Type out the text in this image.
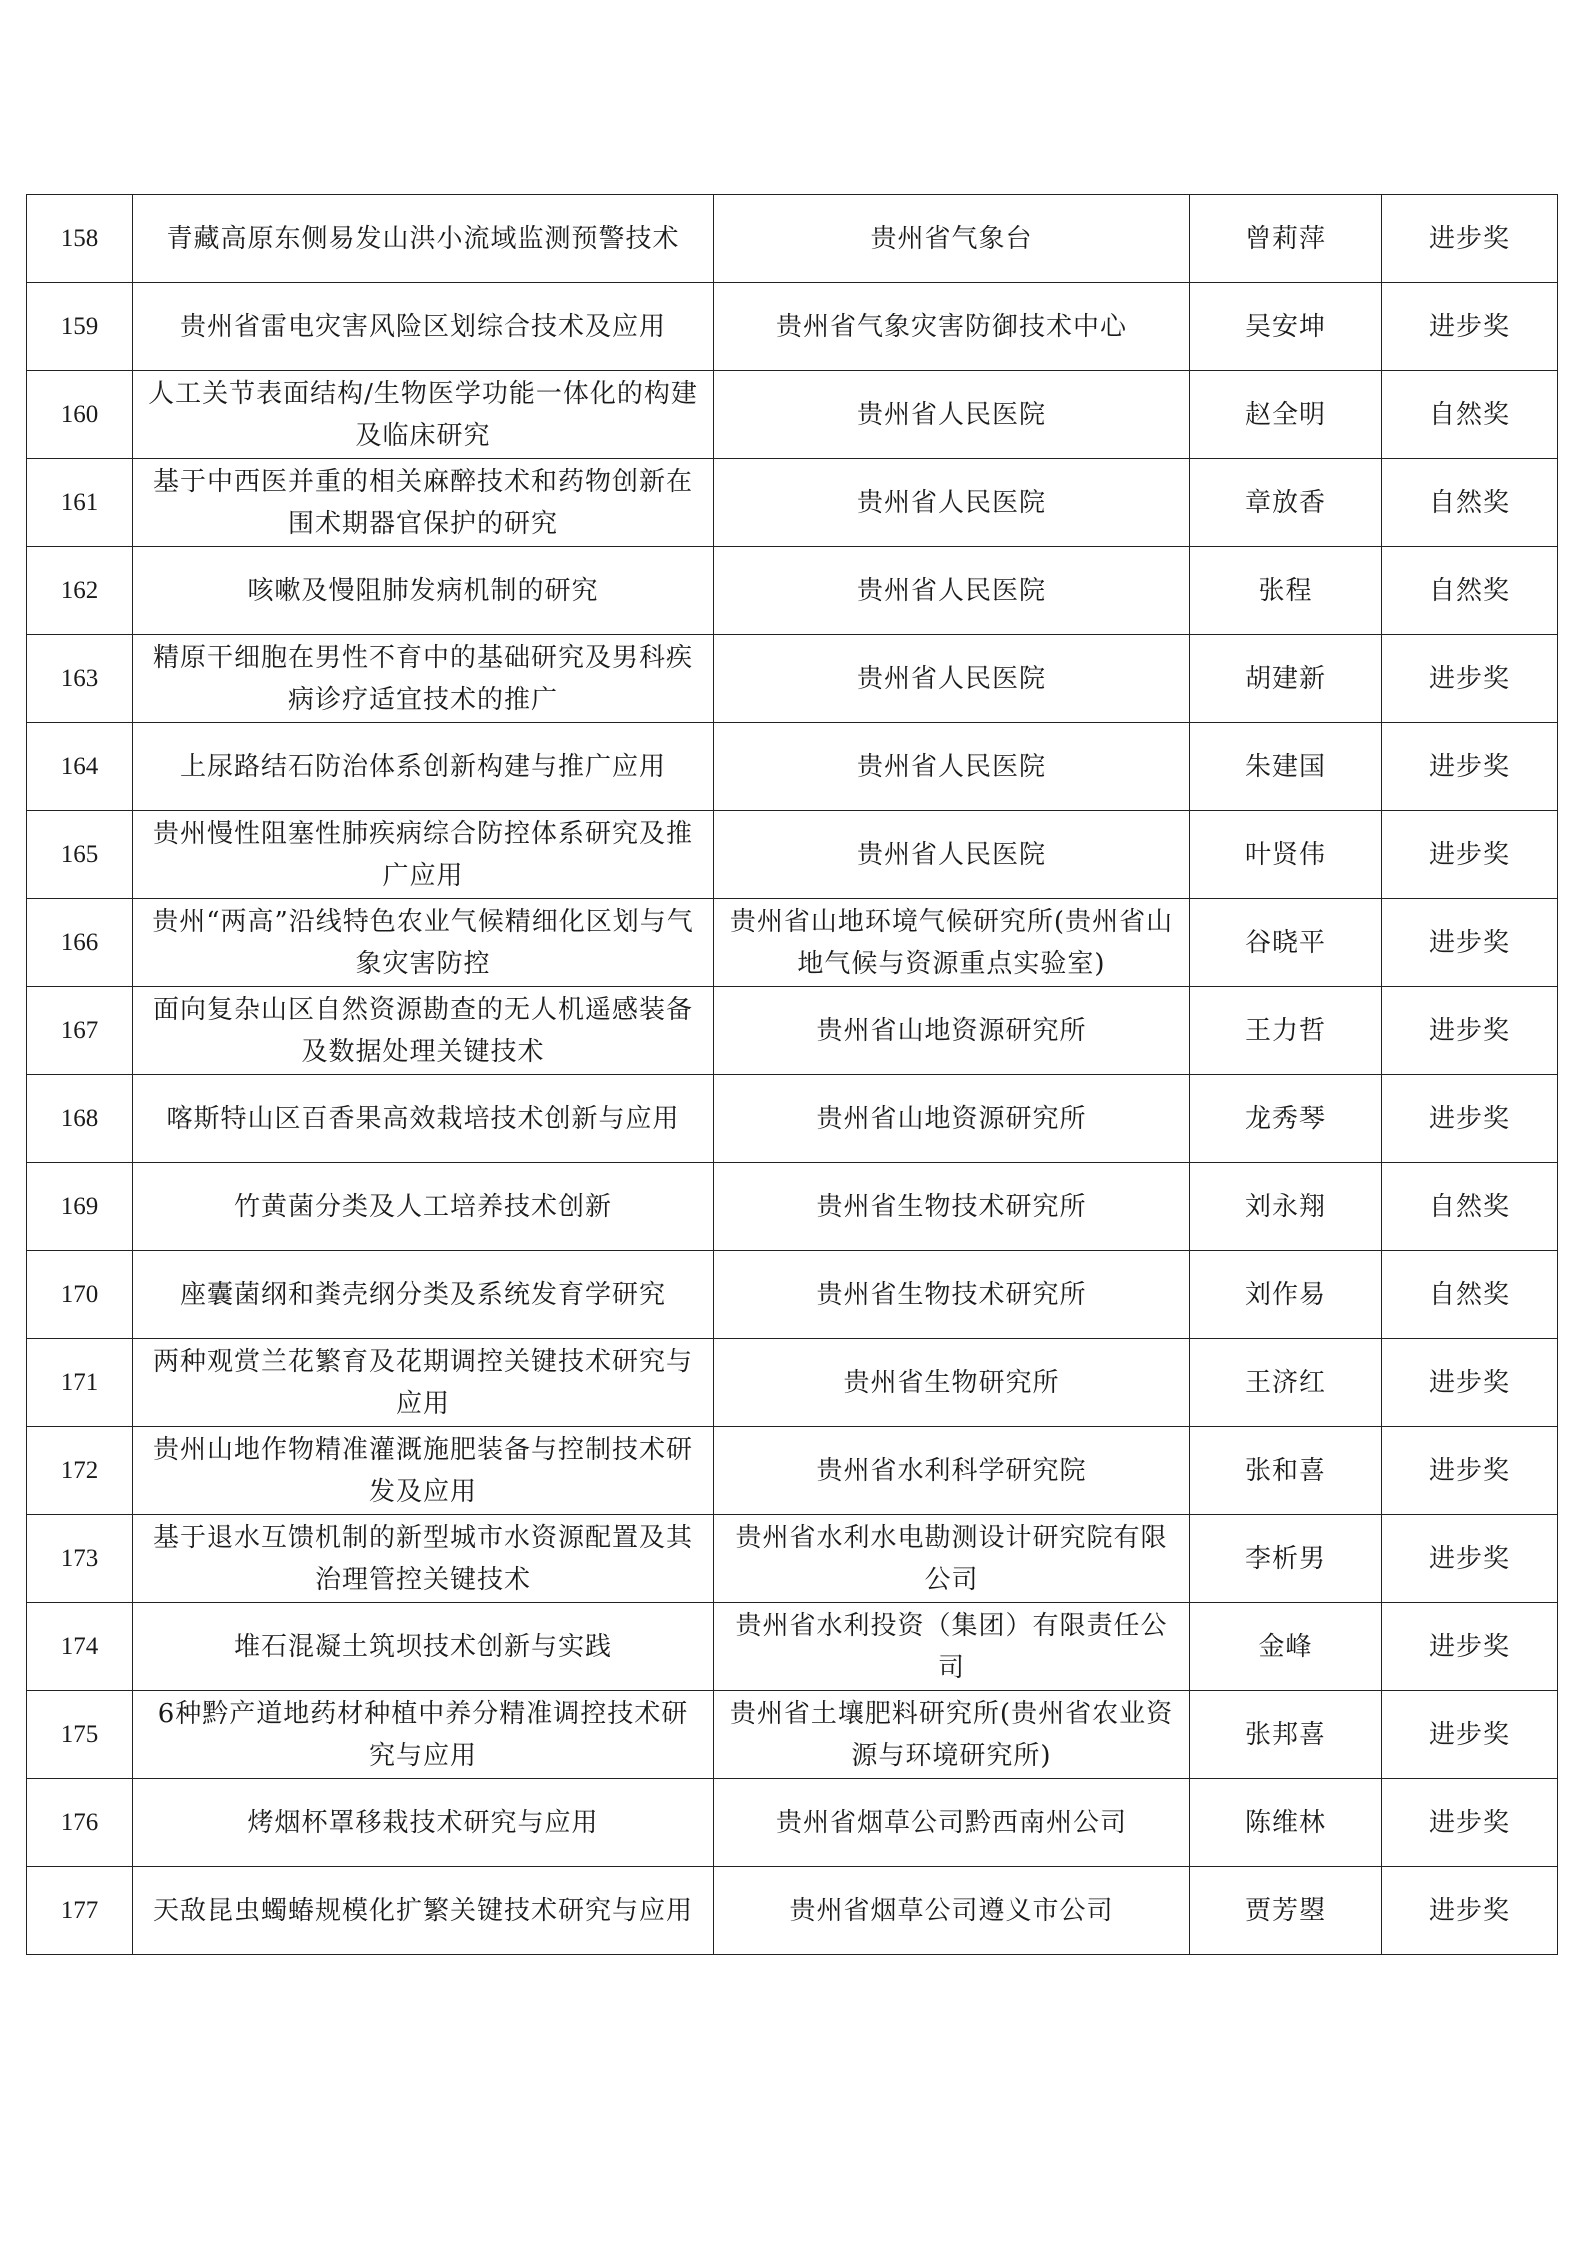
158	青藏高原东侧易发山洪小流域监测预警技术	贵州省气象台	曾莉萍	进步奖
159	贵州省雷电灾害风险区划综合技术及应用	贵州省气象灾害防御技术中心	吴安坤	进步奖
160	人工关节表面结构/生物医学功能一体化的构建及临床研究	贵州省人民医院	赵全明	自然奖
161	基于中西医并重的相关麻醉技术和药物创新在围术期器官保护的研究	贵州省人民医院	章放香	自然奖
162	咳嗽及慢阻肺发病机制的研究	贵州省人民医院	张程	自然奖
163	精原干细胞在男性不育中的基础研究及男科疾病诊疗适宜技术的推广	贵州省人民医院	胡建新	进步奖
164	上尿路结石防治体系创新构建与推广应用	贵州省人民医院	朱建国	进步奖
165	贵州慢性阻塞性肺疾病综合防控体系研究及推广应用	贵州省人民医院	叶贤伟	进步奖
166	贵州“两高”沿线特色农业气候精细化区划与气象灾害防控	贵州省山地环境气候研究所(贵州省山地气候与资源重点实验室)	谷晓平	进步奖
167	面向复杂山区自然资源勘查的无人机遥感装备及数据处理关键技术	贵州省山地资源研究所	王力哲	进步奖
168	喀斯特山区百香果高效栽培技术创新与应用	贵州省山地资源研究所	龙秀琴	进步奖
169	竹黄菌分类及人工培养技术创新	贵州省生物技术研究所	刘永翔	自然奖
170	座囊菌纲和粪壳纲分类及系统发育学研究	贵州省生物技术研究所	刘作易	自然奖
171	两种观赏兰花繁育及花期调控关键技术研究与应用	贵州省生物研究所	王济红	进步奖
172	贵州山地作物精准灌溉施肥装备与控制技术研发及应用	贵州省水利科学研究院	张和喜	进步奖
173	基于退水互馈机制的新型城市水资源配置及其治理管控关键技术	贵州省水利水电勘测设计研究院有限公司	李析男	进步奖
174	堆石混凝土筑坝技术创新与实践	贵州省水利投资（集团）有限责任公司	金峰	进步奖
175	6种黔产道地药材种植中养分精准调控技术研究与应用	贵州省土壤肥料研究所(贵州省农业资源与环境研究所)	张邦喜	进步奖
176	烤烟杯罩移栽技术研究与应用	贵州省烟草公司黔西南州公司	陈维林	进步奖
177	天敌昆虫蠋蝽规模化扩繁关键技术研究与应用	贵州省烟草公司遵义市公司	贾芳曌	进步奖
